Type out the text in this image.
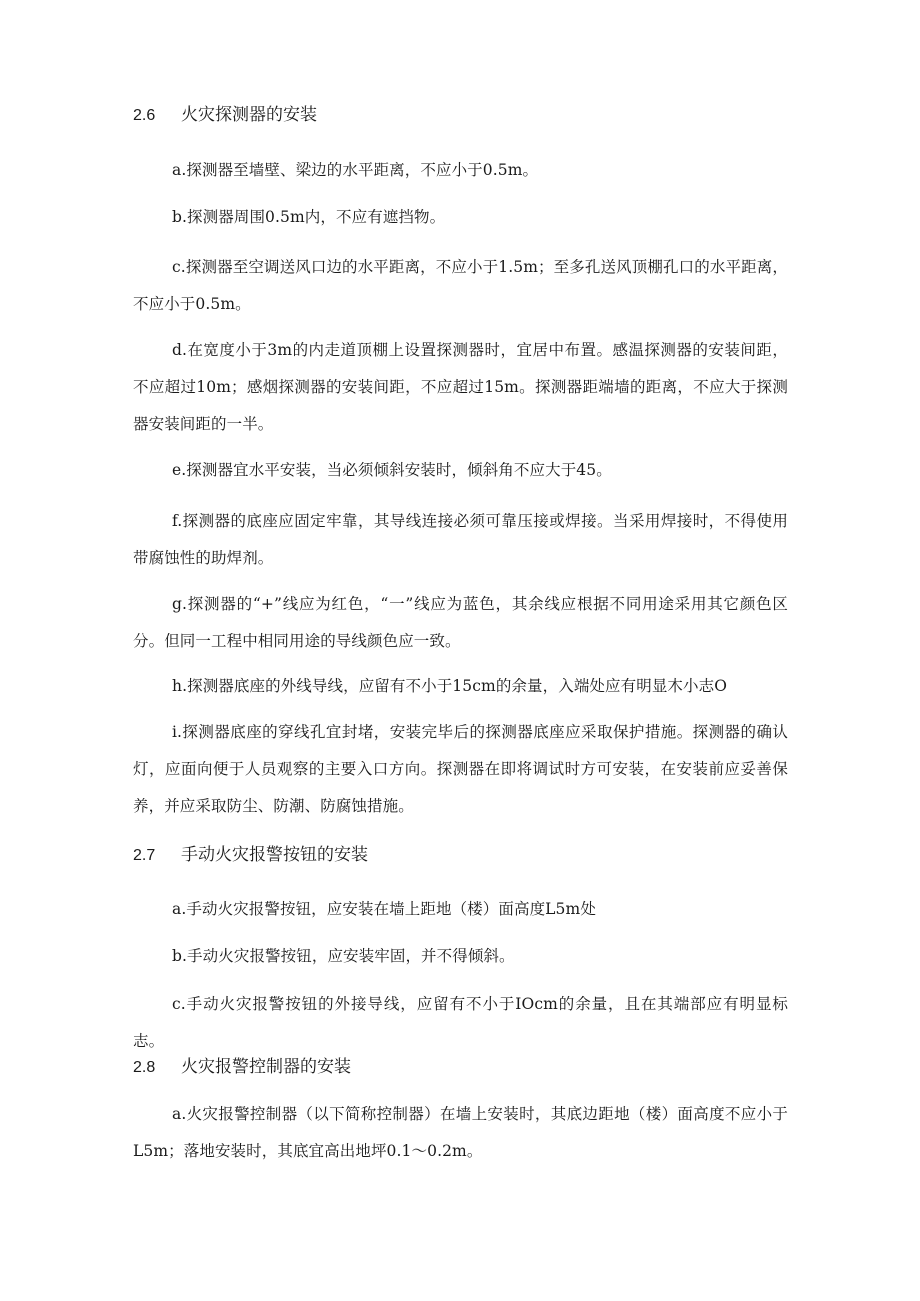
2.6 火灾探测器的安装

a.探测器至墙壁、梁边的水平距离，不应小于0.5m。

b.探测器周围0.5m内，不应有遮挡物。

c.探测器至空调送风口边的水平距离，不应小于1.5m；至多孔送风顶棚孔口的水平距离，不应小于0.5m。

d.在宽度小于3m的内走道顶棚上设置探测器时，宜居中布置。感温探测器的安装间距，不应超过10m；感烟探测器的安装间距，不应超过15m。探测器距端墙的距离，不应大于探测器安装间距的一半。

e.探测器宜水平安装，当必须倾斜安装时，倾斜角不应大于45。

f.探测器的底座应固定牢靠，其导线连接必须可靠压接或焊接。当采用焊接时，不得使用带腐蚀性的助焊剂。

g.探测器的“+”线应为红色，“一”线应为蓝色，其余线应根据不同用途采用其它颜色区分。但同一工程中相同用途的导线颜色应一致。

h.探测器底座的外线导线，应留有不小于15cm的余量，入端处应有明显木小志O

i.探测器底座的穿线孔宜封堵，安装完毕后的探测器底座应采取保护措施。探测器的确认灯，应面向便于人员观察的主要入口方向。探测器在即将调试时方可安装，在安装前应妥善保养，并应采取防尘、防潮、防腐蚀措施。

2.7 手动火灾报警按钮的安装

a.手动火灾报警按钮，应安装在墙上距地（楼）面高度L5m处

b.手动火灾报警按钮，应安装牢固，并不得倾斜。

c.手动火灾报警按钮的外接导线，应留有不小于IOcm的余量，且在其端部应有明显标志。

2.8 火灾报警控制器的安装

a.火灾报警控制器（以下简称控制器）在墙上安装时，其底边距地（楼）面高度不应小于L5m；落地安装时，其底宜高出地坪0.1～0.2m。
